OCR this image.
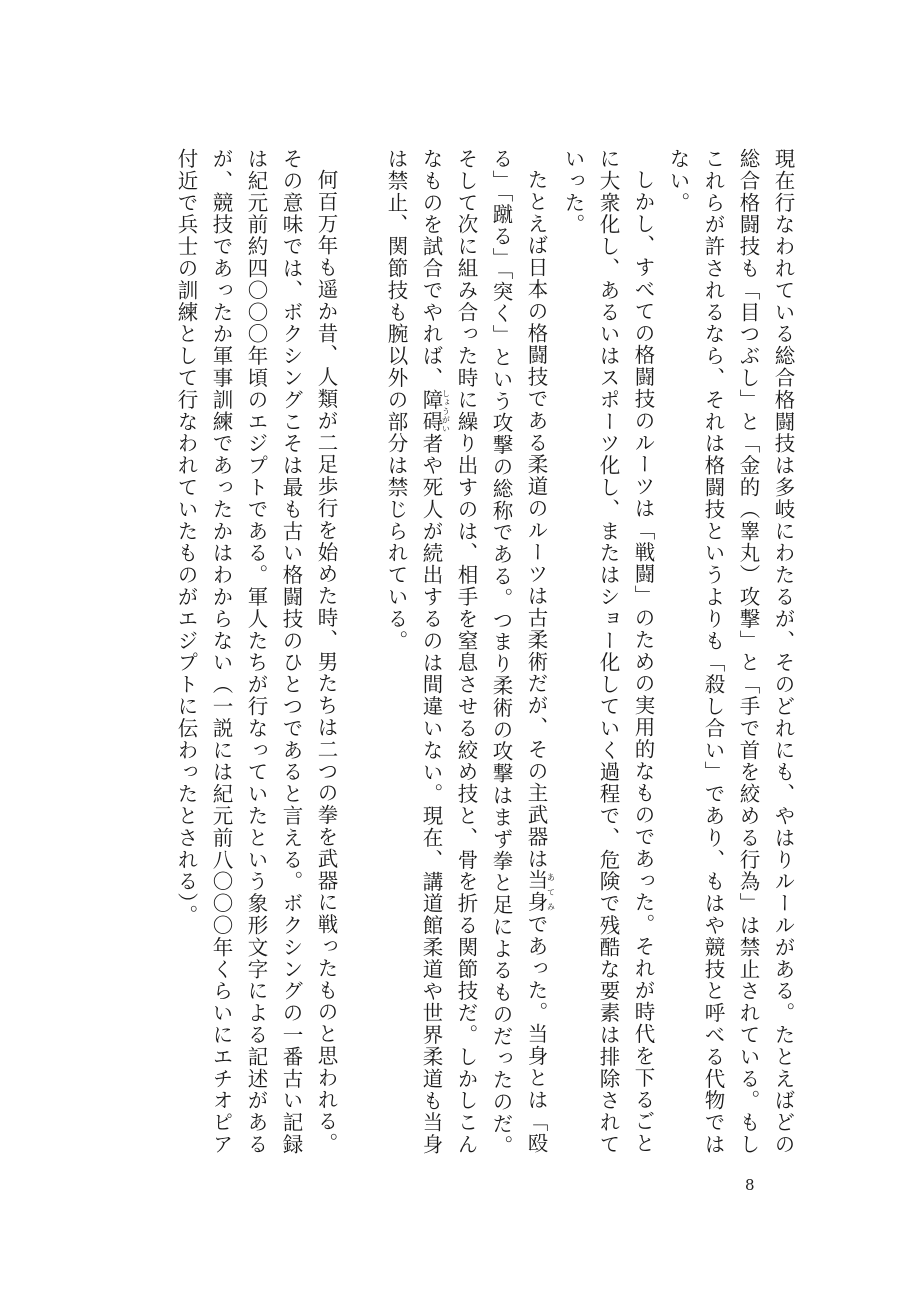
現在行なわれている総合格闘技は多岐にわたるが、そのどれにも、やはりルールがある。たとえばどの総合格闘技も「目つぶし」と「金的（睾丸）攻撃」と「手で首を絞める行為」は禁止されている。もしこれらが許されるなら、それは格闘技というよりも「殺し合い」であり、もはや競技と呼べる代物ではない。

しかし、すべての格闘技のルーツは「戦闘」のための実用的なものであった。それが時代を下るごとに大衆化し、あるいはスポーツ化し、またはショー化していく過程で、危険で残酷な要素は排除されていった。

たとえば日本の格闘技である柔道のルーツは古柔術だが、その主武器は当身あてみであった。当身とは「殴る」「蹴る」「突く」という攻撃の総称である。つまり柔術の攻撃はまず拳と足によるものだったのだ。そして次に組み合った時に繰り出すのは、相手を窒息させる絞め技と、骨を折る関節技だ。しかしこんなものを試合でやれば、障碍しょうがい者や死人が続出するのは間違いない。現在、講道館柔道や世界柔道も当身は禁止、関節技も腕以外の部分は禁じられている。

何百万年も遥か昔、人類が二足歩行を始めた時、男たちは二つの拳を武器に戦ったものと思われる。その意味では、ボクシングこそは最も古い格闘技のひとつであると言える。ボクシングの一番古い記録は紀元前約四〇〇〇年頃のエジプトである。軍人たちが行なっていたという象形文字による記述があるが、競技であったか軍事訓練であったかはわからない（一説には紀元前八〇〇〇年くらいにエチオピア付近で兵士の訓練として行なわれていたものがエジプトに伝わったとされる）。

8
